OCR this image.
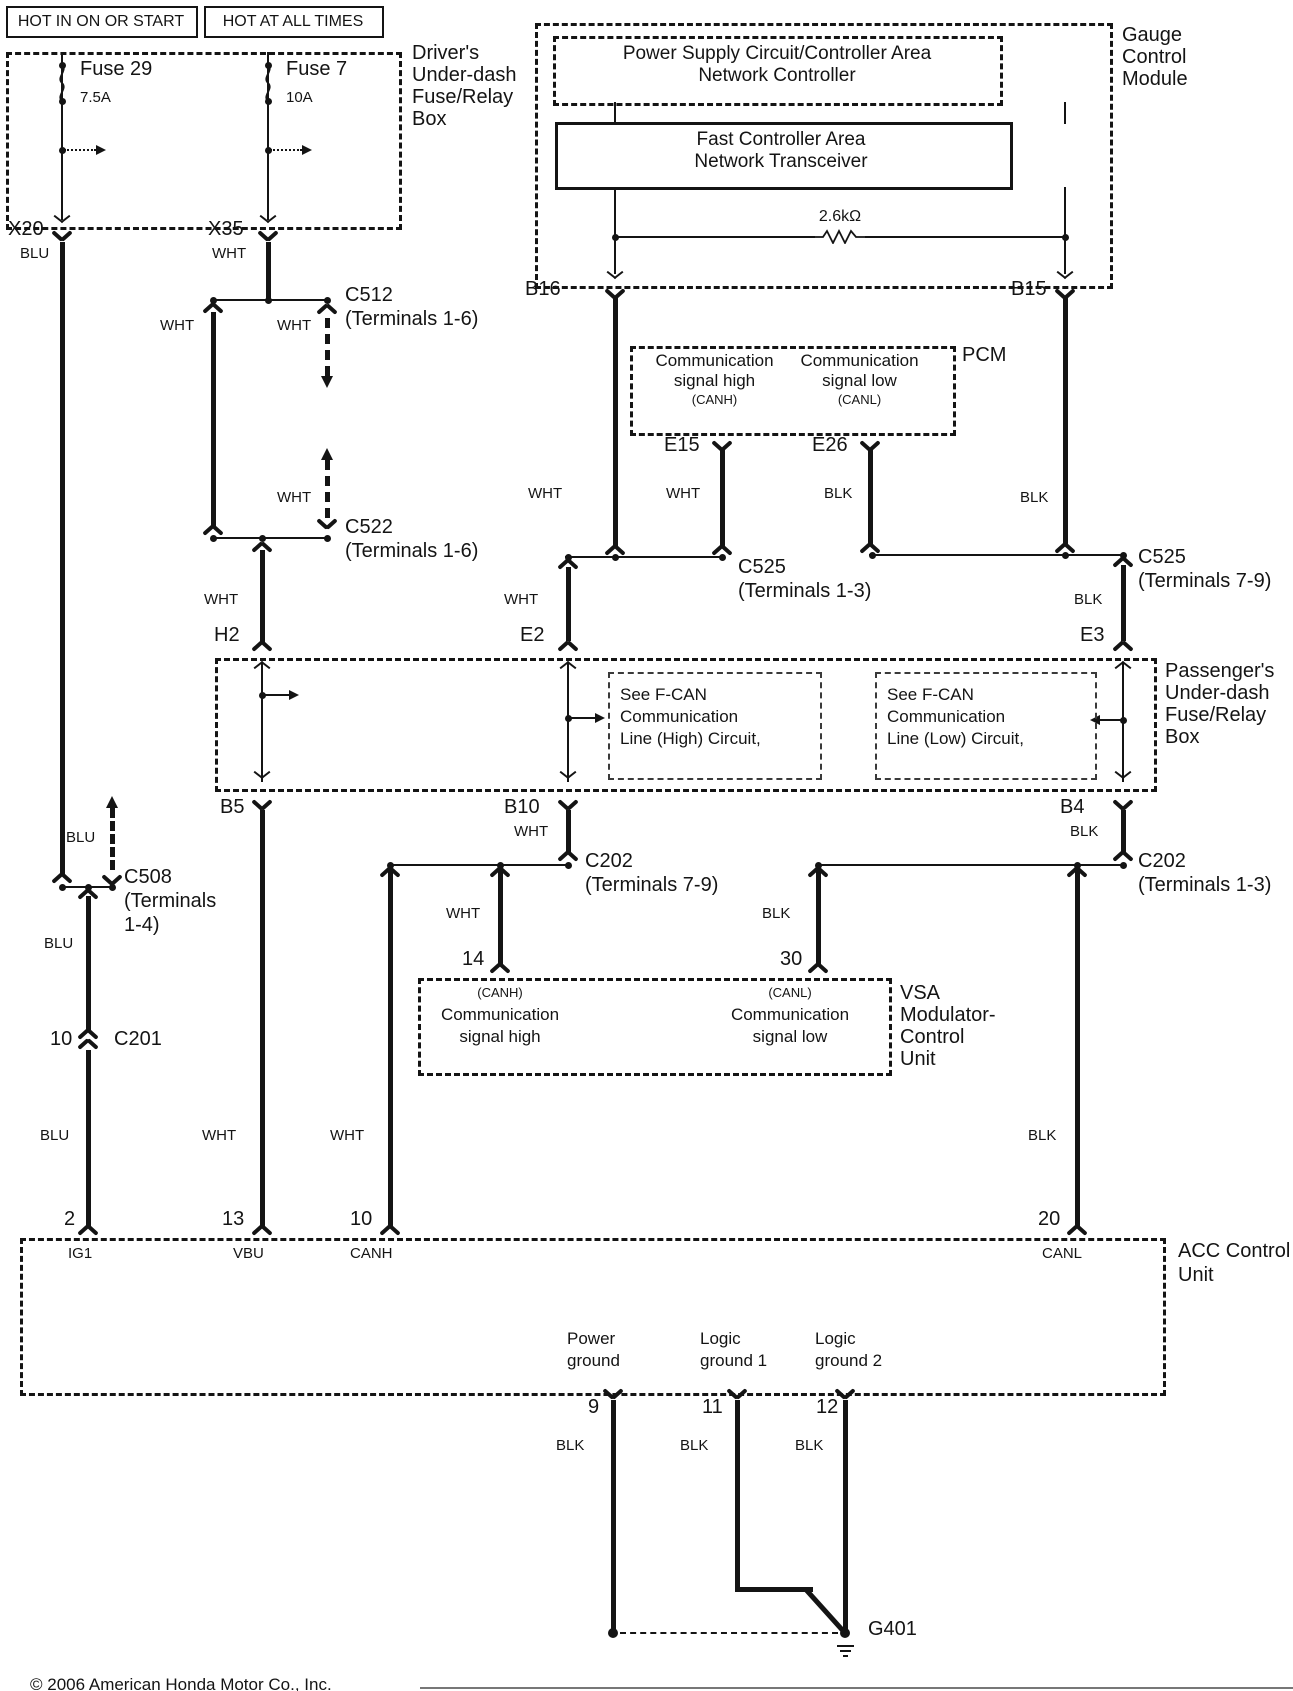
HOT IN ON OR START	HOT AT ALL TIMES
Driver's
Under-dash
Fuse/Relay
Box
Fuse 29
7.5A
Fuse 7
10A
X20
BLU
X35
WHT
WHT	WHT
C512
(Terminals 1-6)
WHT
C522
(Terminals 1-6)
WHT
H2
Gauge
Control
Module
Power Supply Circuit/Controller Area
Network Controller
Fast Controller Area
Network Transceiver
2.6kΩ
B16
WHT
B15
BLK
PCM
Communication
signal high
(CANH)
Communication
signal low
(CANL)
E15
WHT
E26
BLK
C525
(Terminals 1-3)
C525
(Terminals 7-9)
WHT
E2
BLK
E3
Passenger's
Under-dash
Fuse/Relay
Box
See F-CAN
Communication
Line (High) Circuit,
See F-CAN
Communication
Line (Low) Circuit,
B5	B10
WHT
B4
BLK
C202
(Terminals 7-9)
C202
(Terminals 1-3)
WHT
14
BLK
30
BLU
C508
(Terminals
1-4)
BLU
10 C201
(CANH)
Communication
signal high
(CANL)
Communication
signal low
VSA
Modulator-
Control
Unit
BLU	WHT	WHT	BLK
ACC Control
Unit
2
IG1
13
VBU
10
CANH
20
CANL
Power
ground
Logic
ground 1
Logic
ground 2
9
BLK
11
BLK
12
BLK
G401
© 2006 American Honda Motor Co., Inc.
